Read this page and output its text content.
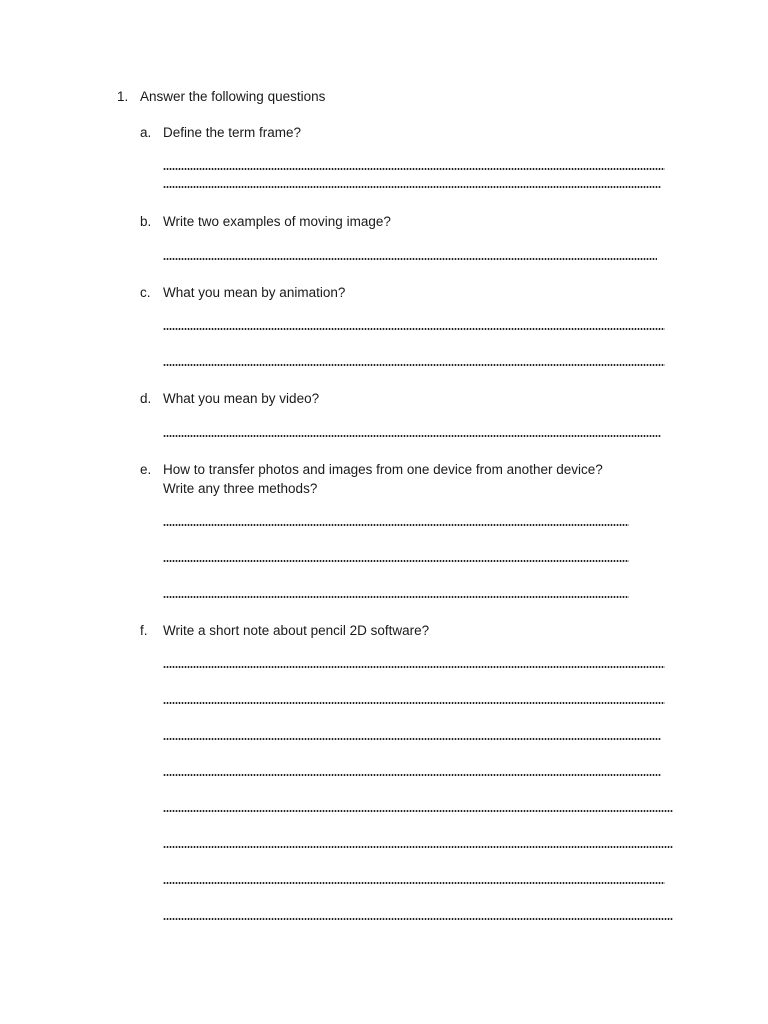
1. Answer the following questions
a. Define the term frame?
b. Write two examples of moving image?
c. What you mean by animation?
d. What you mean by video?
e. How to transfer photos and images from one device from another device?
Write any three methods?
f. Write a short note about pencil 2D software?
